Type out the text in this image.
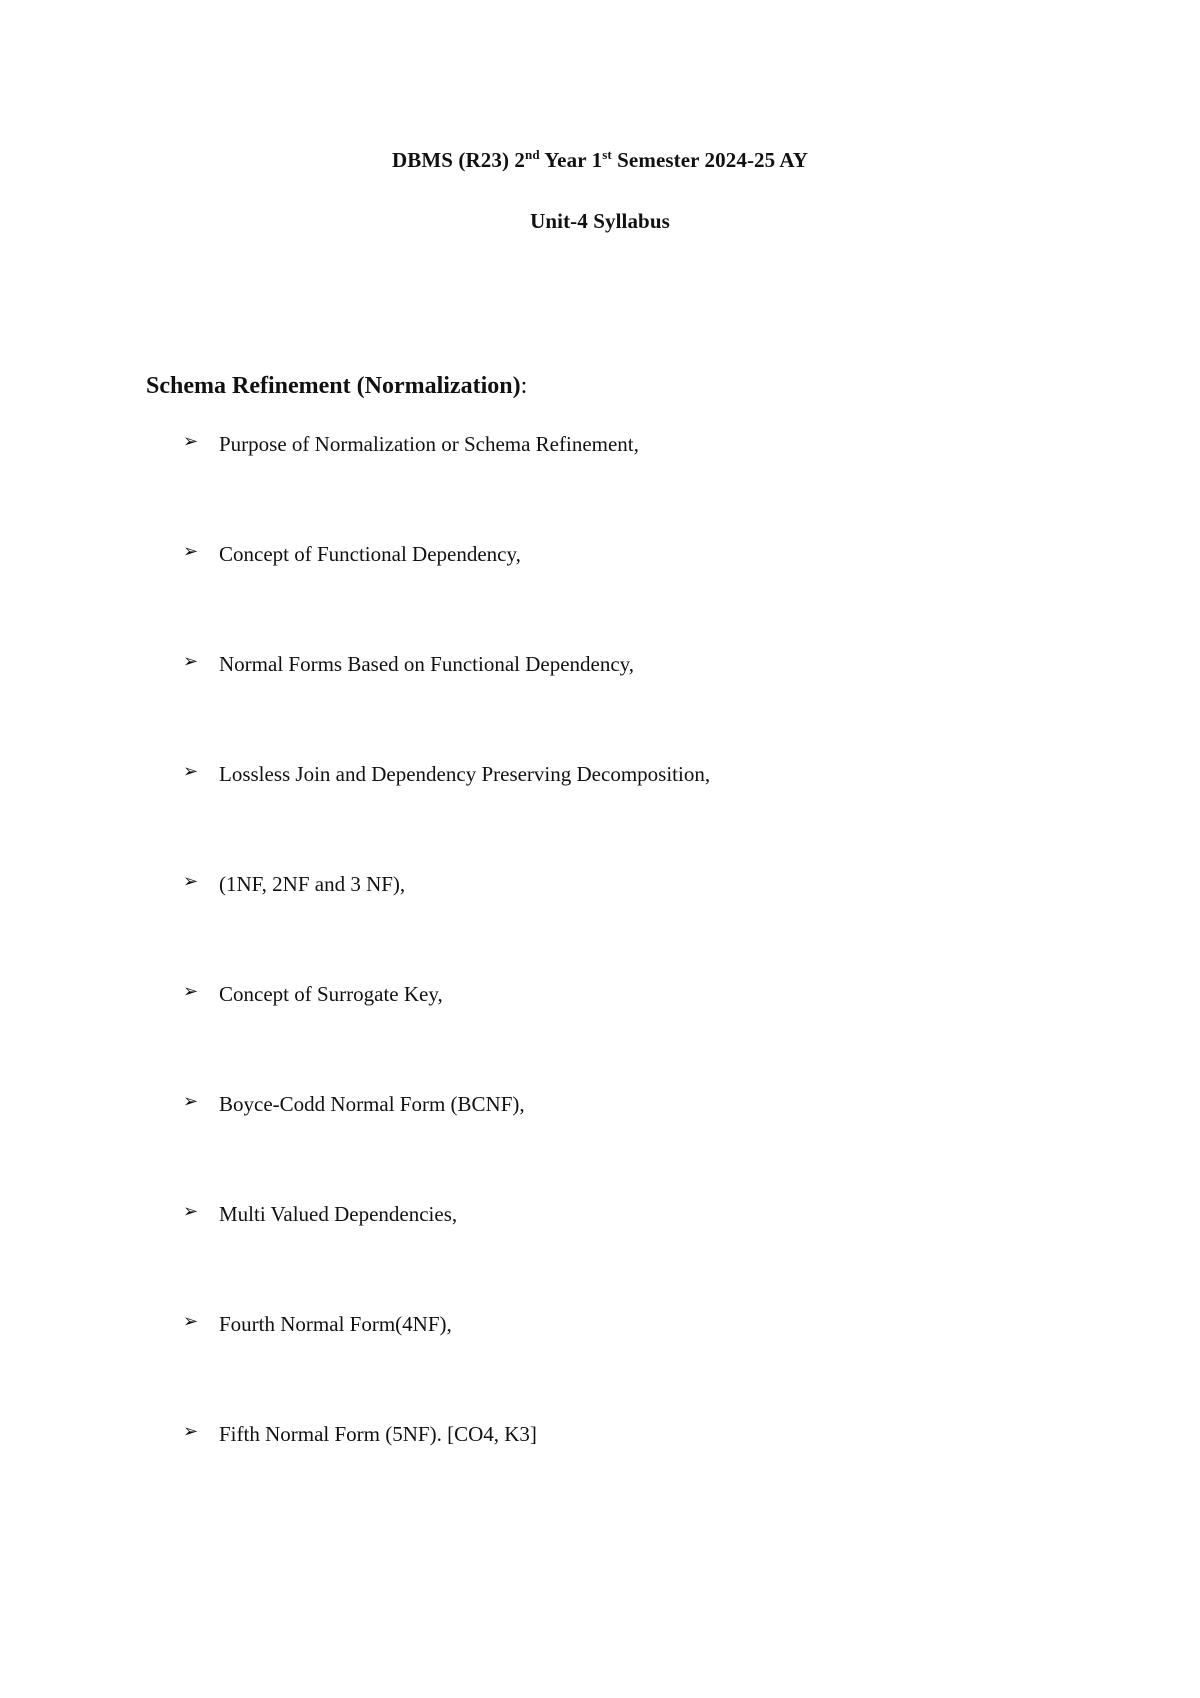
DBMS (R23) 2nd Year 1st Semester 2024-25 AY
Unit-4 Syllabus
Schema Refinement (Normalization):
➢ Purpose of Normalization or Schema Refinement,
➢ Concept of Functional Dependency,
➢ Normal Forms Based on Functional Dependency,
➢ Lossless Join and Dependency Preserving Decomposition,
➢ (1NF, 2NF and 3 NF),
➢ Concept of Surrogate Key,
➢ Boyce-Codd Normal Form (BCNF),
➢ Multi Valued Dependencies,
➢ Fourth Normal Form(4NF),
➢ Fifth Normal Form (5NF). [CO4, K3]
